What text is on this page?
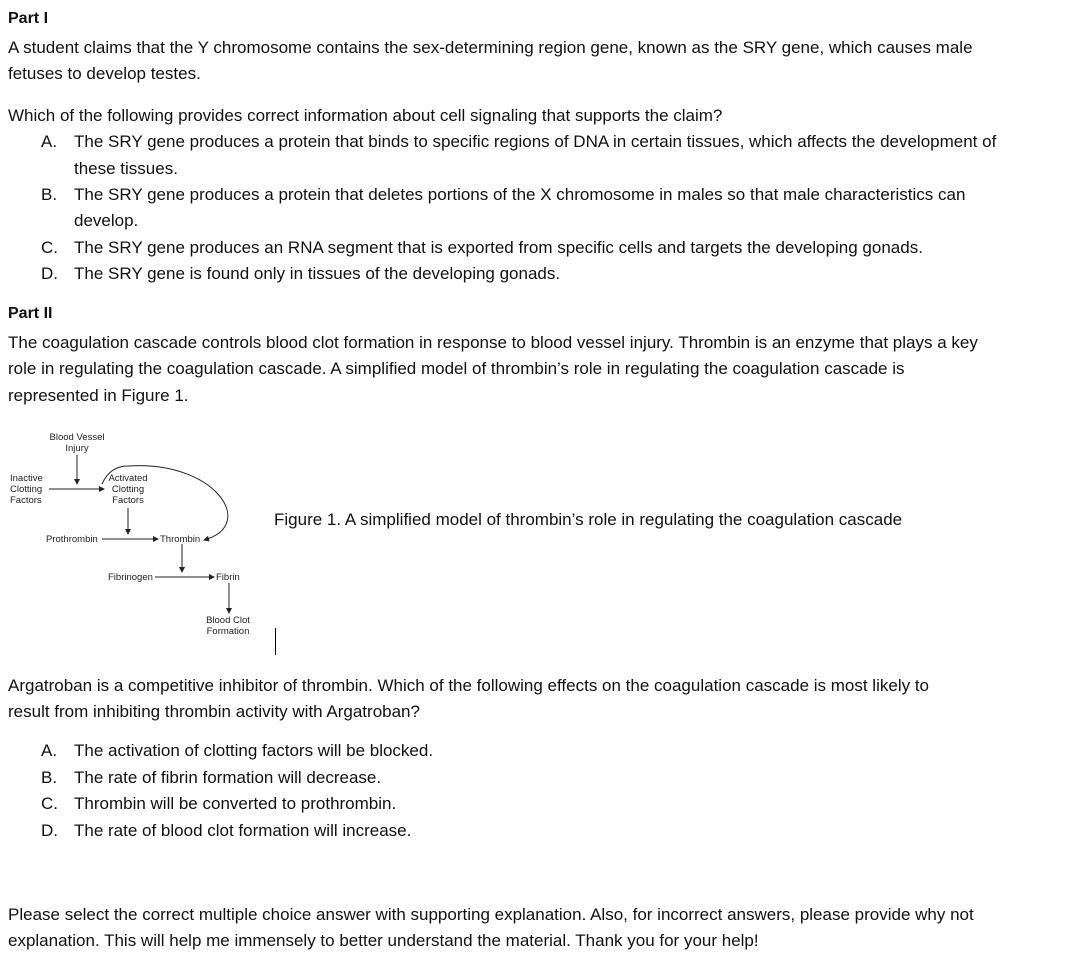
Part I
A student claims that the Y chromosome contains the sex-determining region gene, known as the SRY gene, which causes male
fetuses to develop testes.
Which of the following provides correct information about cell signaling that supports the claim?
A. The SRY gene produces a protein that binds to specific regions of DNA in certain tissues, which affects the development of
these tissues.
B. The SRY gene produces a protein that deletes portions of the X chromosome in males so that male characteristics can
develop.
C. The SRY gene produces an RNA segment that is exported from specific cells and targets the developing gonads.
D. The SRY gene is found only in tissues of the developing gonads.
Part II
The coagulation cascade controls blood clot formation in response to blood vessel injury. Thrombin is an enzyme that plays a key
role in regulating the coagulation cascade. A simplified model of thrombin’s role in regulating the coagulation cascade is
represented in Figure 1.
Blood Vessel
Injury
Inactive
Clotting
Factors
Activated
Clotting
Factors
Prothrombin	Thrombin
Fibrinogen	Fibrin
Blood Clot
Formation
Figure 1. A simplified model of thrombin’s role in regulating the coagulation cascade
Argatroban is a competitive inhibitor of thrombin. Which of the following effects on the coagulation cascade is most likely to
result from inhibiting thrombin activity with Argatroban?
A. The activation of clotting factors will be blocked.
B. The rate of fibrin formation will decrease.
C. Thrombin will be converted to prothrombin.
D. The rate of blood clot formation will increase.
Please select the correct multiple choice answer with supporting explanation. Also, for incorrect answers, please provide why not
explanation. This will help me immensely to better understand the material. Thank you for your help!
